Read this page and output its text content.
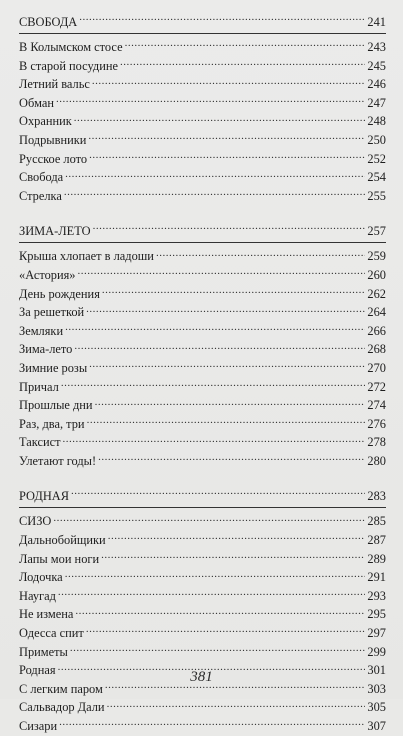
СВОБОДА .....	241
В Колымском стосе .....	243
В старой посудине .....	245
Летний вальс .....	246
Обман .....	247
Охранник .....	248
Подрывники .....	250
Русское лото .....	252
Свобода .....	254
Стрелка .....	255
ЗИМА-ЛЕТО .....	257
Крыша хлопает в ладоши .....	259
«Астория» .....	260
День рождения .....	262
За решеткой .....	264
Земляки .....	266
Зима-лето .....	268
Зимние розы .....	270
Причал .....	272
Прошлые дни .....	274
Раз, два, три .....	276
Таксист .....	278
Улетают годы! .....	280
РОДНАЯ .....	283
СИЗО .....	285
Дальнобойщики .....	287
Лапы мои ноги .....	289
Лодочка .....	291
Наугад .....	293
Не измена .....	295
Одесса спит .....	297
Приметы .....	299
Родная .....	301
С легким паром .....	303
Сальвадор Дали .....	305
Сизари .....	307
381
